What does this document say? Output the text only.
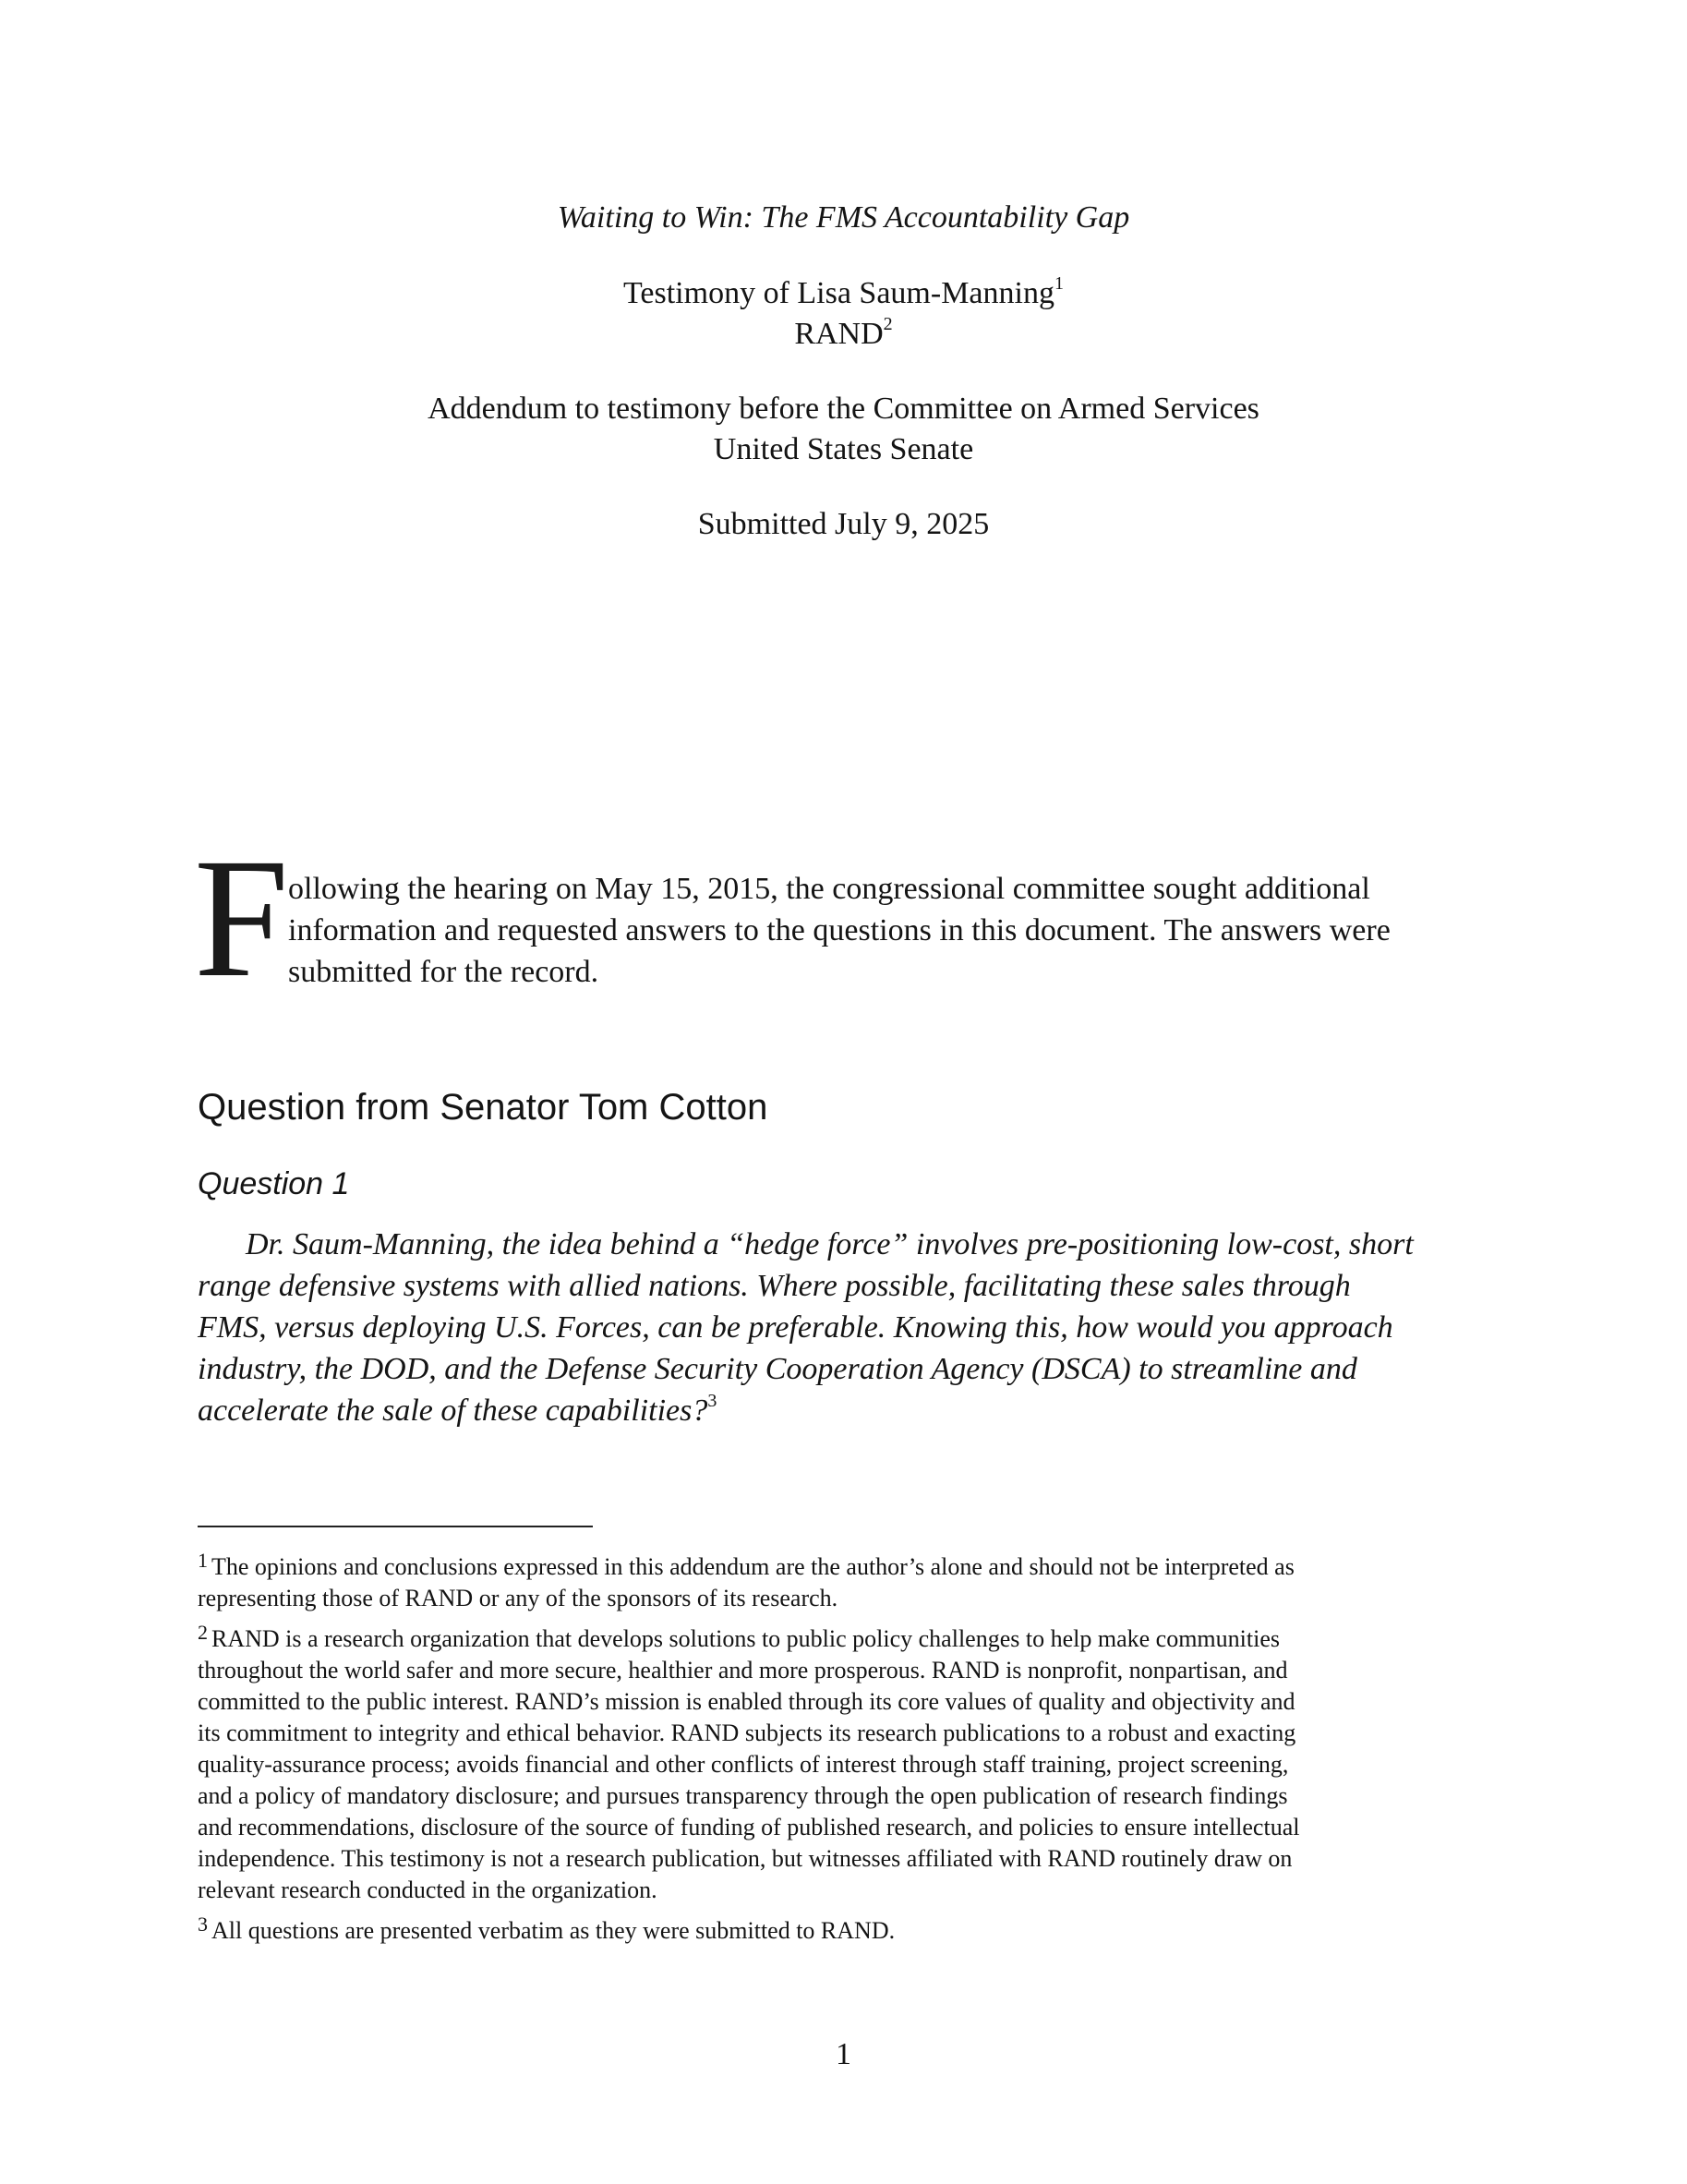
Waiting to Win: The FMS Accountability Gap
Testimony of Lisa Saum-Manning$^1$
RAND$^2$
Addendum to testimony before the Committee on Armed Services
United States Senate
Submitted July 9, 2025
F ollowing the hearing on May 15, 2015, the congressional committee sought additional
information and requested answers to the questions in this document. The answers were
submitted for the record.
Question from Senator Tom Cotton
Question 1
Dr. Saum-Manning, the idea behind a “hedge force” involves pre-positioning low-cost, short
range defensive systems with allied nations. Where possible, facilitating these sales through
FMS, versus deploying U.S. Forces, can be preferable. Knowing this, how would you approach
industry, the DOD, and the Defense Security Cooperation Agency (DSCA) to streamline and
accelerate the sale of these capabilities?$^3$
$^1$ The opinions and conclusions expressed in this addendum are the author’s alone and should not be interpreted as
representing those of RAND or any of the sponsors of its research.
$^2$ RAND is a research organization that develops solutions to public policy challenges to help make communities
throughout the world safer and more secure, healthier and more prosperous. RAND is nonprofit, nonpartisan, and
committed to the public interest. RAND’s mission is enabled through its core values of quality and objectivity and
its commitment to integrity and ethical behavior. RAND subjects its research publications to a robust and exacting
quality-assurance process; avoids financial and other conflicts of interest through staff training, project screening,
and a policy of mandatory disclosure; and pursues transparency through the open publication of research findings
and recommendations, disclosure of the source of funding of published research, and policies to ensure intellectual
independence. This testimony is not a research publication, but witnesses affiliated with RAND routinely draw on
relevant research conducted in the organization.
$^3$ All questions are presented verbatim as they were submitted to RAND.
1
